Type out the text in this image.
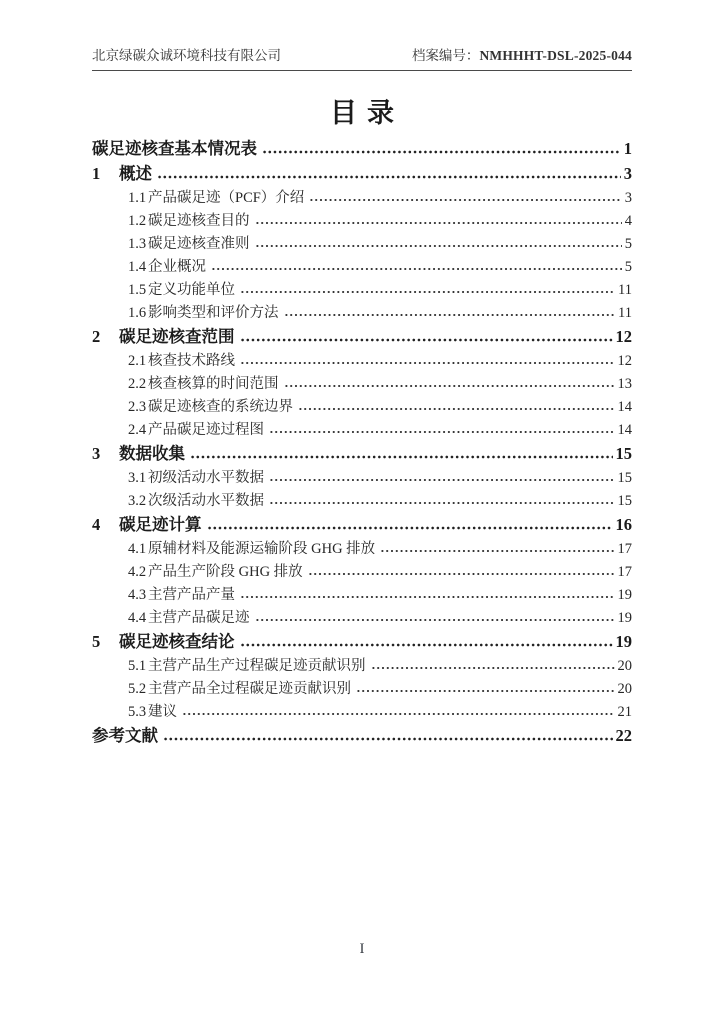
北京绿碳众诚环境科技有限公司	档案编号：NMHHHT-DSL-2025-044
目录
碳足迹核查基本情况表	1
1	概述	3
1.1 产品碳足迹（PCF）介绍	3
1.2 碳足迹核查目的	4
1.3 碳足迹核查准则	5
1.4 企业概况	5
1.5 定义功能单位	11
1.6 影响类型和评价方法	11
2	碳足迹核查范围	12
2.1 核查技术路线	12
2.2 核查核算的时间范围	13
2.3 碳足迹核查的系统边界	14
2.4 产品碳足迹过程图	14
3	数据收集	15
3.1 初级活动水平数据	15
3.2 次级活动水平数据	15
4	碳足迹计算	16
4.1 原辅材料及能源运输阶段 GHG 排放	17
4.2 产品生产阶段 GHG 排放	17
4.3 主营产品产量	19
4.4 主营产品碳足迹	19
5	碳足迹核查结论	19
5.1 主营产品生产过程碳足迹贡献识别	20
5.2 主营产品全过程碳足迹贡献识别	20
5.3 建议	21
参考文献	22
I
